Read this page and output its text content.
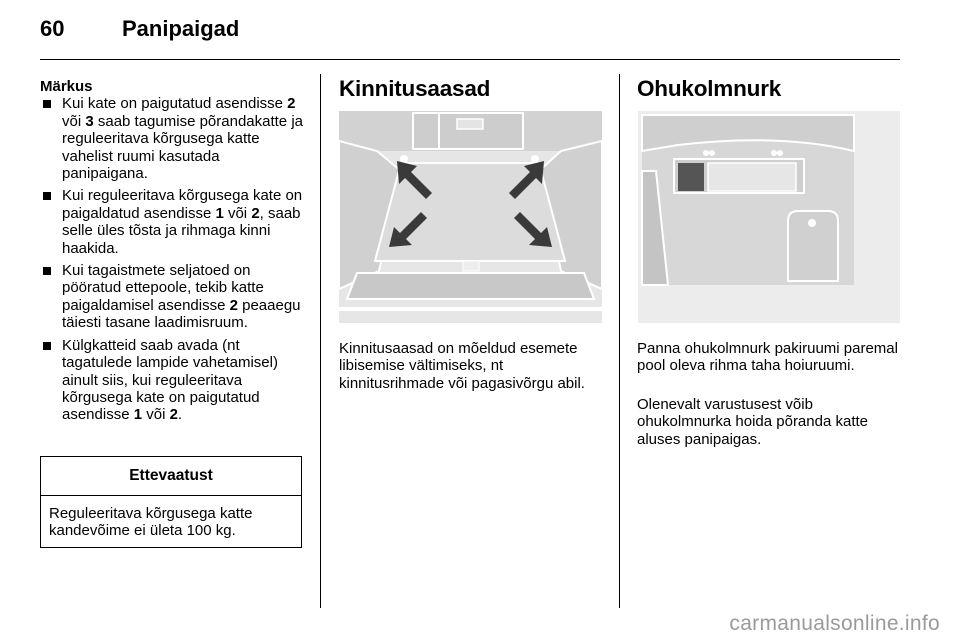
60	Panipaigad
Märkus
Kui kate on paigutatud asendisse 2 või 3 saab tagumise põrandakatte ja reguleeritava kõrgusega katte vahelist ruumi kasutada panipaigana.
Kui reguleeritava kõrgusega kate on paigaldatud asendisse 1 või 2, saab selle üles tõsta ja rihmaga kinni haakida.
Kui tagaistmete seljatoed on pööratud ettepoole, tekib katte paigaldamisel asendisse 2 peaaegu täiesti tasane laadimisruum.
Külgkatteid saab avada (nt tagatulede lampide vahetamisel) ainult siis, kui reguleeritava kõrgusega kate on paigutatud asendisse 1 või 2.
Ettevaatust
Reguleeritava kõrgusega katte kandevõime ei ületa 100 kg.
Kinnitusaasad
Kinnitusaasad on mõeldud esemete libisemise vältimiseks, nt kinnitusrihmade või pagasivõrgu abil.
Ohukolmnurk
Panna ohukolmnurk pakiruumi paremal pool oleva rihma taha hoiuruumi.
Olenevalt varustusest võib ohukolmnurka hoida põranda katte aluses panipaigas.
carmanualsonline.info
